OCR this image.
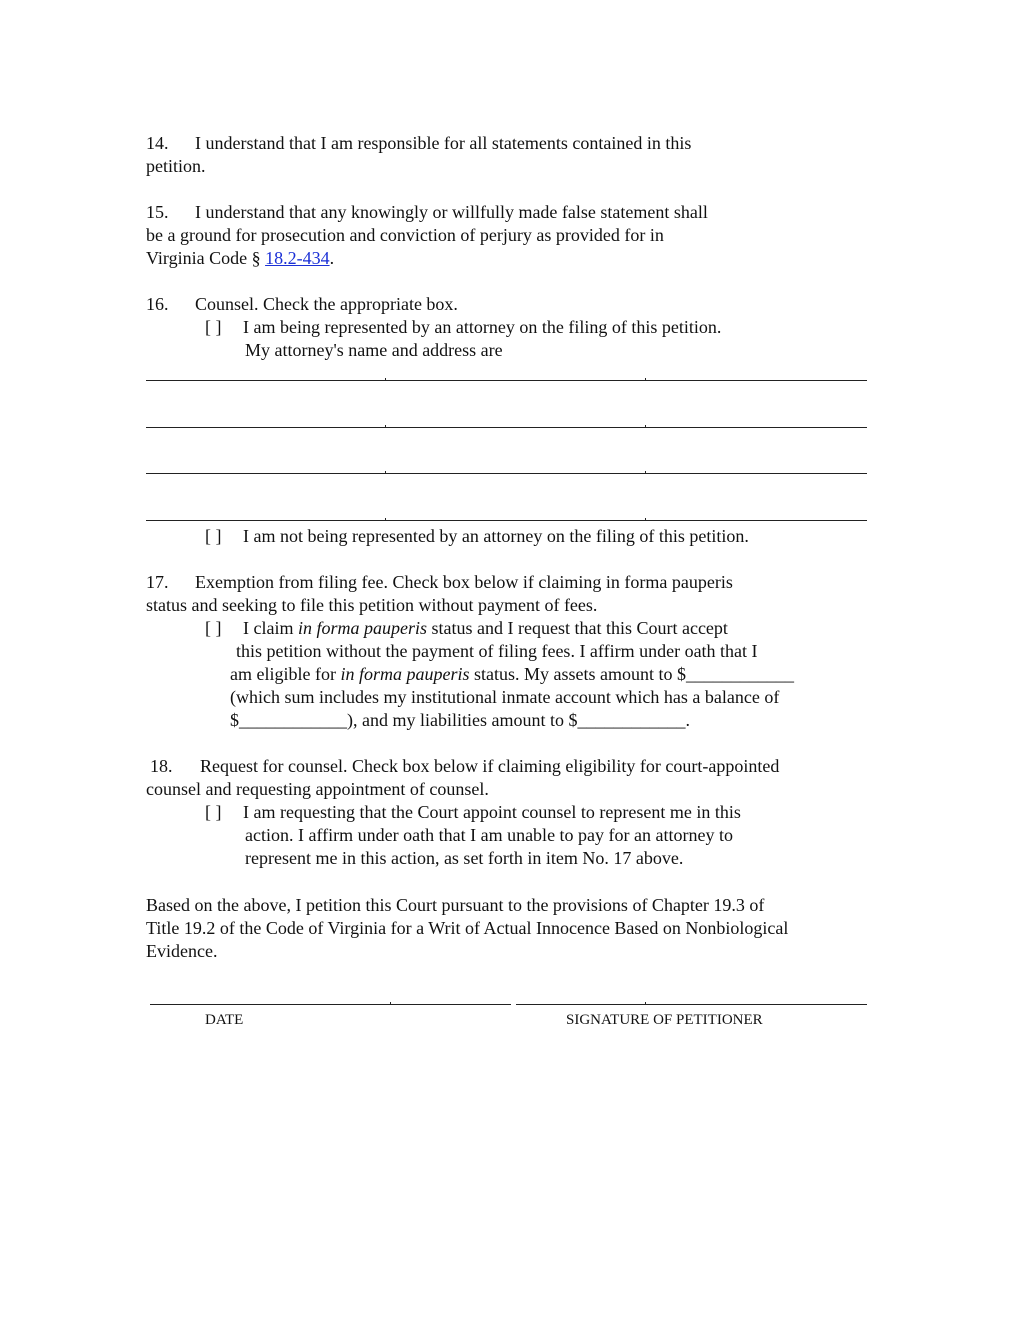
14. I understand that I am responsible for all statements contained in this
petition.
15. I understand that any knowingly or willfully made false statement shall
be a ground for prosecution and conviction of perjury as provided for in
Virginia Code § 18.2-434.
16. Counsel. Check the appropriate box.
[ ] I am being represented by an attorney on the filing of this petition.
My attorney's name and address are
[ ] I am not being represented by an attorney on the filing of this petition.
17. Exemption from filing fee. Check box below if claiming in forma pauperis
status and seeking to file this petition without payment of fees.
[ ] I claim in forma pauperis status and I request that this Court accept
this petition without the payment of filing fees. I affirm under oath that I
am eligible for in forma pauperis status. My assets amount to $____________
(which sum includes my institutional inmate account which has a balance of
$____________), and my liabilities amount to $____________.
18. Request for counsel. Check box below if claiming eligibility for court-appointed
counsel and requesting appointment of counsel.
[ ] I am requesting that the Court appoint counsel to represent me in this
action. I affirm under oath that I am unable to pay for an attorney to
represent me in this action, as set forth in item No. 17 above.
Based on the above, I petition this Court pursuant to the provisions of Chapter 19.3 of
Title 19.2 of the Code of Virginia for a Writ of Actual Innocence Based on Nonbiological
Evidence.
DATE	SIGNATURE OF PETITIONER
